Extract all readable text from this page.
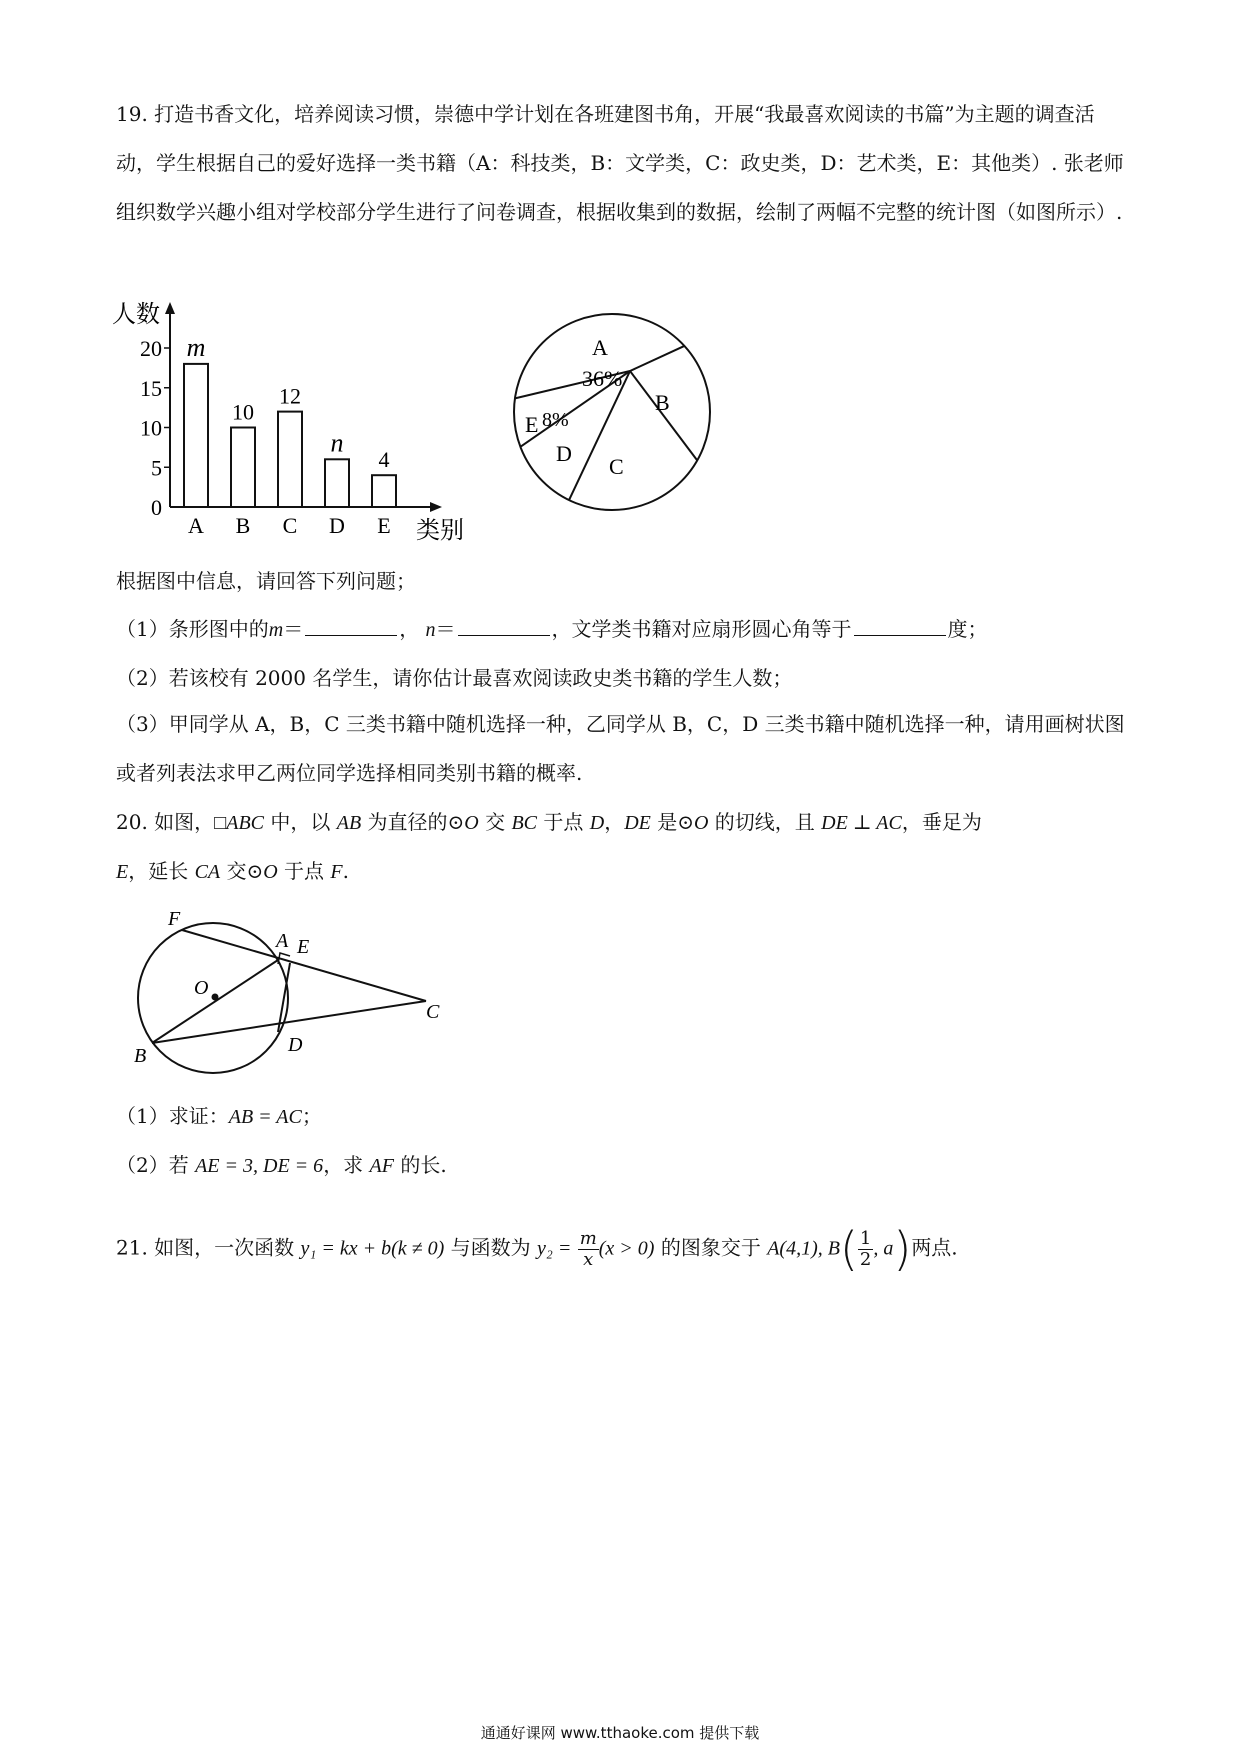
19. 打造书香文化，培养阅读习惯，崇德中学计划在各班建图书角，开展“我最喜欢阅读的书篇”为主题的调查活动，学生根据自己的爱好选择一类书籍（A：科技类，B：文学类，C：政史类，D：艺术类，E：其他类）. 张老师组织数学兴趣小组对学校部分学生进行了问卷调查，根据收集到的数据，绘制了两幅不完整的统计图（如图所示）.
人数
0
5
10
15
20 m
A
10
B
12
C
n
D
4
E 类别
A
36%
B
C
D
E 8%
根据图中信息，请回答下列问题；
（1）条形图中的m＝	， n＝	，文学类书籍对应扇形圆心角等于	度；
（2）若该校有 2000 名学生，请你估计最喜欢阅读政史类书籍的学生人数；
（3）甲同学从 A，B，C 三类书籍中随机选择一种，乙同学从 B，C，D 三类书籍中随机选择一种，请用画树状图或者列表法求甲乙两位同学选择相同类别书籍的概率.
20. 如图，□ABC 中，以 AB 为直径的⊙O 交 BC 于点 D，DE 是⊙O 的切线，且 DE ⊥ AC，垂足为
E，延长 CA 交⊙O 于点 F.
F
A E
O
B	D
C
（1）求证：AB = AC；
（2）若 AE = 3, DE = 6，求 AF 的长.
21. 如图，一次函数 y₁ = kx + b(k ≠ 0) 与函数为 $y_2 = \frac{m}{x} (x > 0)$ 的图象交于 A(4,1), $B( \frac{1}{2}$ , a)两点.
通通好课网 www.tthaoke.com 提供下载
